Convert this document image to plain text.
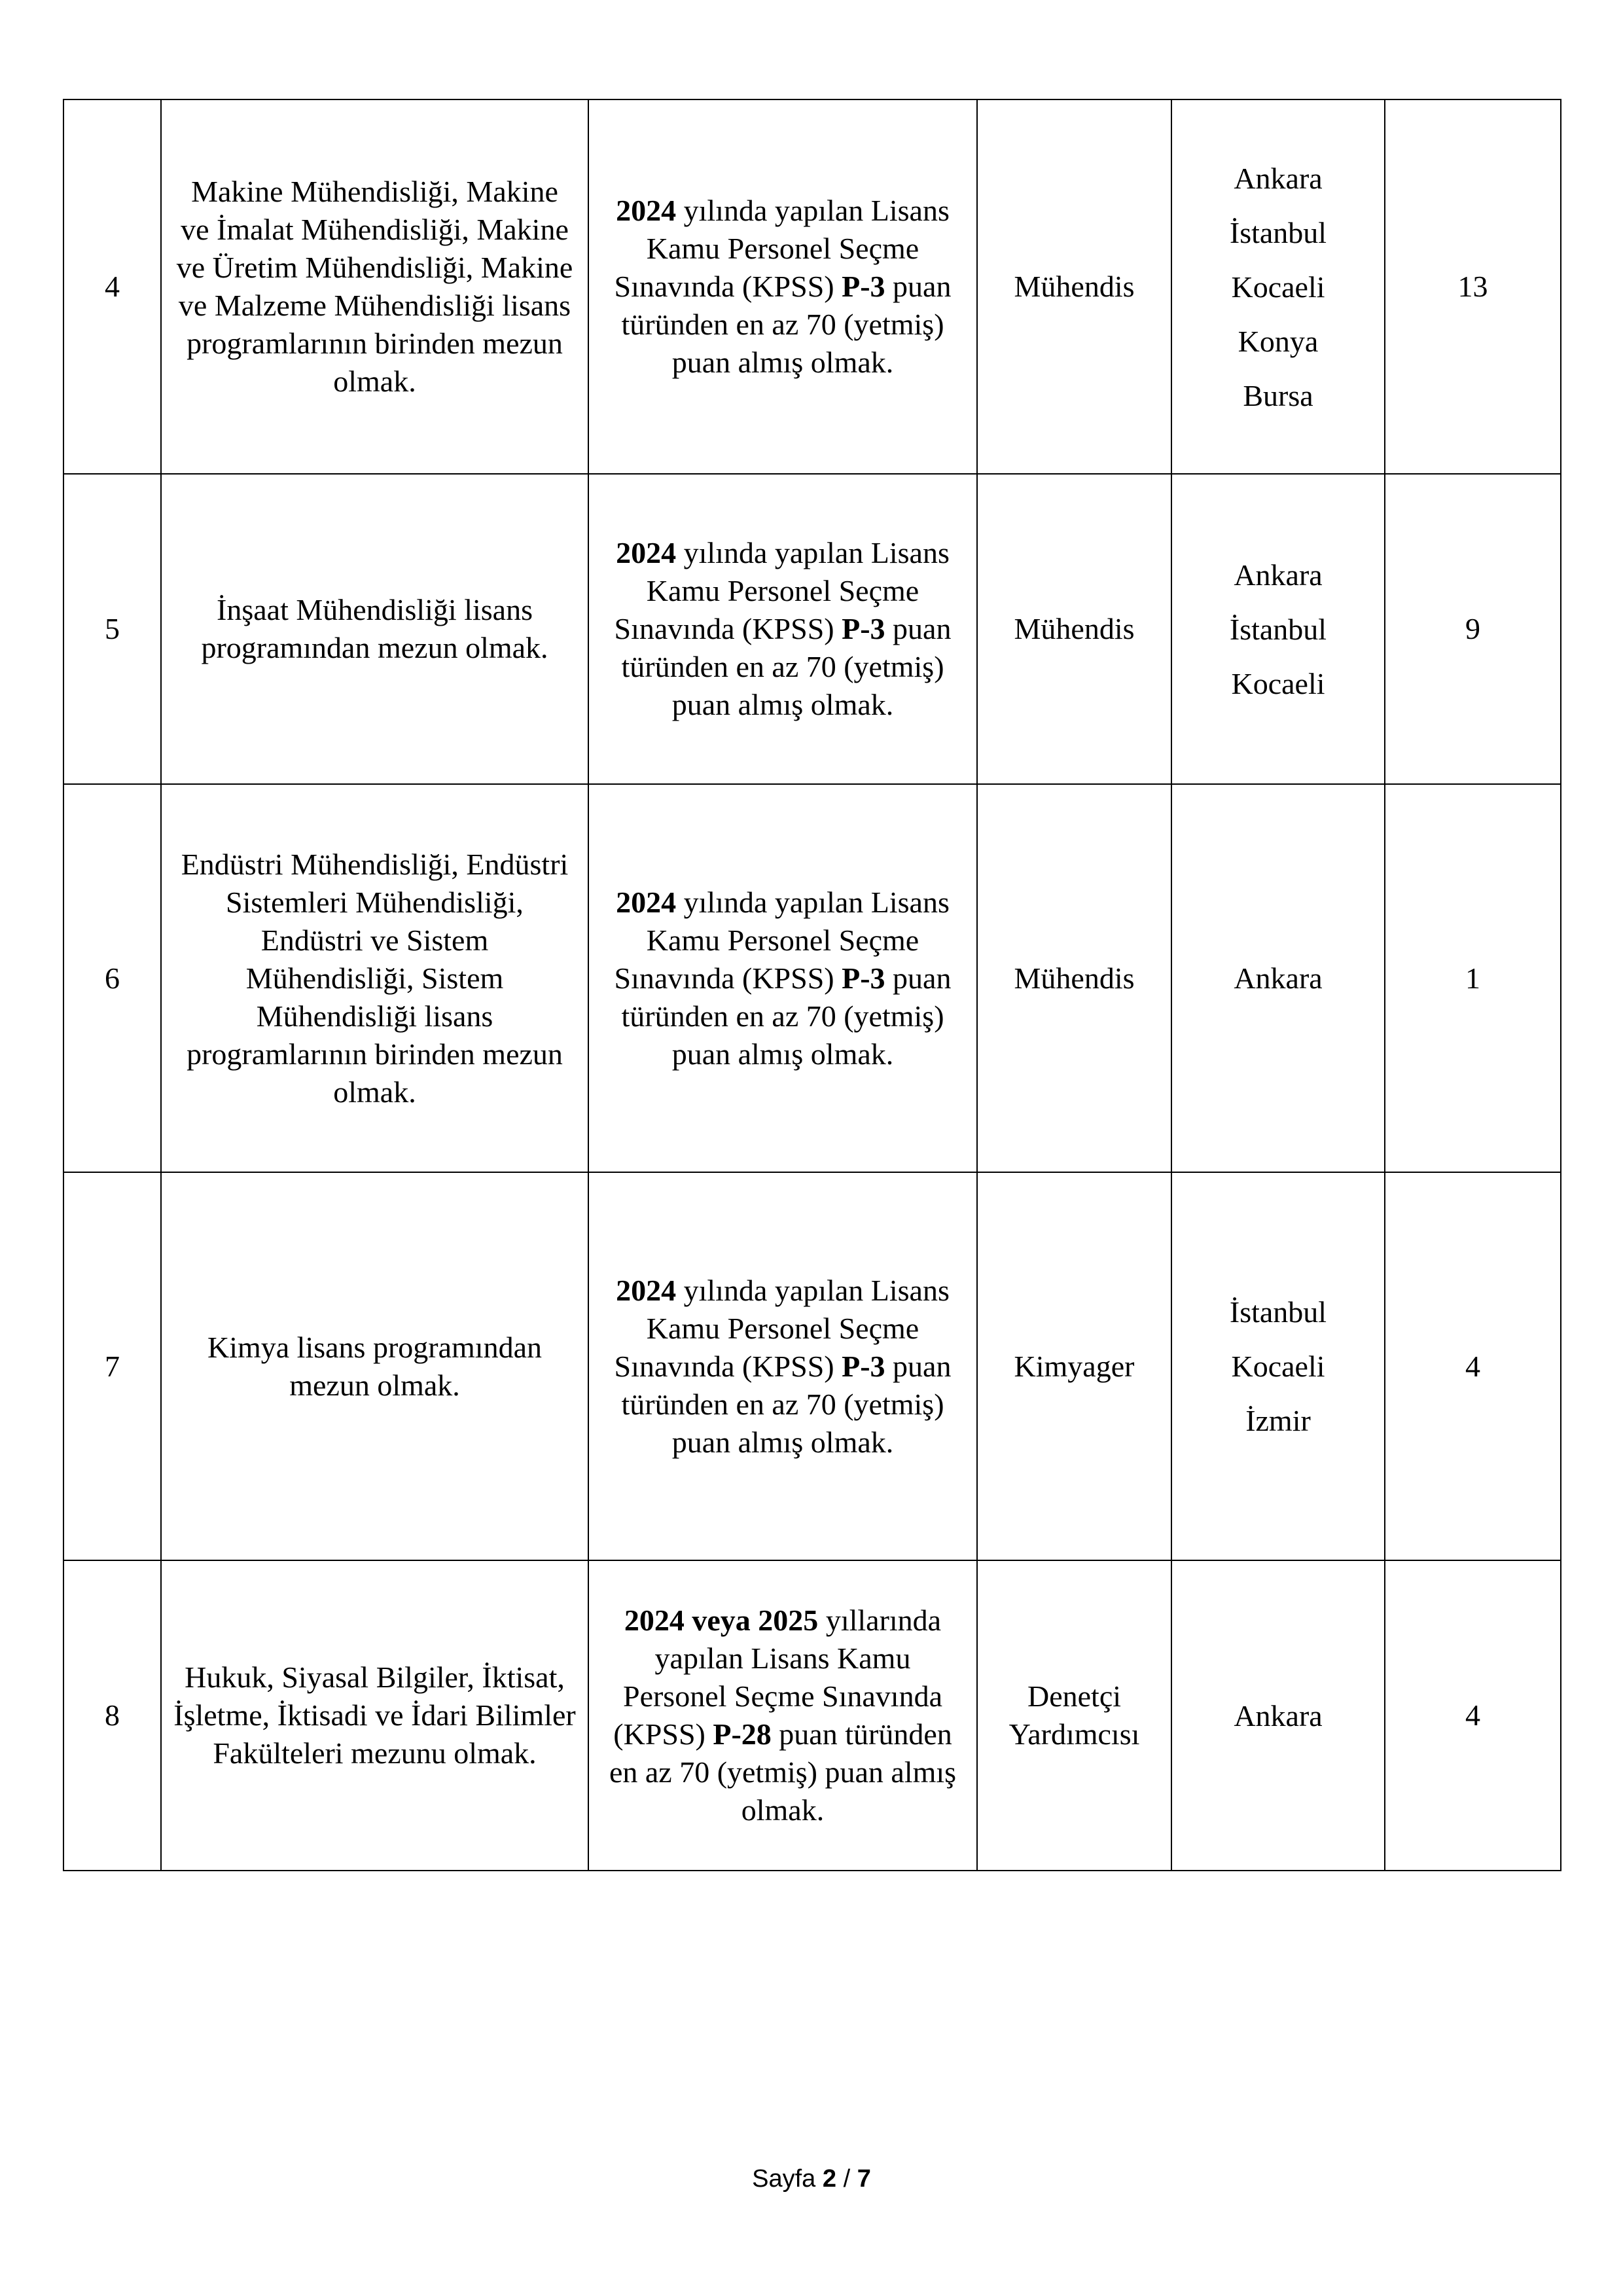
4	Makine Mühendisliği, Makine ve İmalat Mühendisliği, Makine ve Üretim Mühendisliği, Makine ve Malzeme Mühendisliği lisans programlarının birinden mezun olmak.	2024 yılında yapılan Lisans Kamu Personel Seçme Sınavında (KPSS) P-3 puan türünden en az 70 (yetmiş) puan almış olmak.	Mühendis	Ankara
İstanbul
Kocaeli
Konya
Bursa	13
5	İnşaat Mühendisliği lisans programından mezun olmak.	2024 yılında yapılan Lisans Kamu Personel Seçme Sınavında (KPSS) P-3 puan türünden en az 70 (yetmiş) puan almış olmak.	Mühendis	Ankara
İstanbul
Kocaeli	9
6	Endüstri Mühendisliği, Endüstri Sistemleri Mühendisliği, Endüstri ve Sistem Mühendisliği, Sistem Mühendisliği lisans programlarının birinden mezun olmak.	2024 yılında yapılan Lisans Kamu Personel Seçme Sınavında (KPSS) P-3 puan türünden en az 70 (yetmiş) puan almış olmak.	Mühendis	Ankara	1
7	Kimya lisans programından mezun olmak.	2024 yılında yapılan Lisans Kamu Personel Seçme Sınavında (KPSS) P-3 puan türünden en az 70 (yetmiş) puan almış olmak.	Kimyager	İstanbul
Kocaeli
İzmir	4
8	Hukuk, Siyasal Bilgiler, İktisat, İşletme, İktisadi ve İdari Bilimler Fakülteleri mezunu olmak.	2024 veya 2025 yıllarında yapılan Lisans Kamu Personel Seçme Sınavında (KPSS) P-28 puan türünden en az 70 (yetmiş) puan almış olmak.	Denetçi Yardımcısı	Ankara	4
Sayfa 2 / 7
